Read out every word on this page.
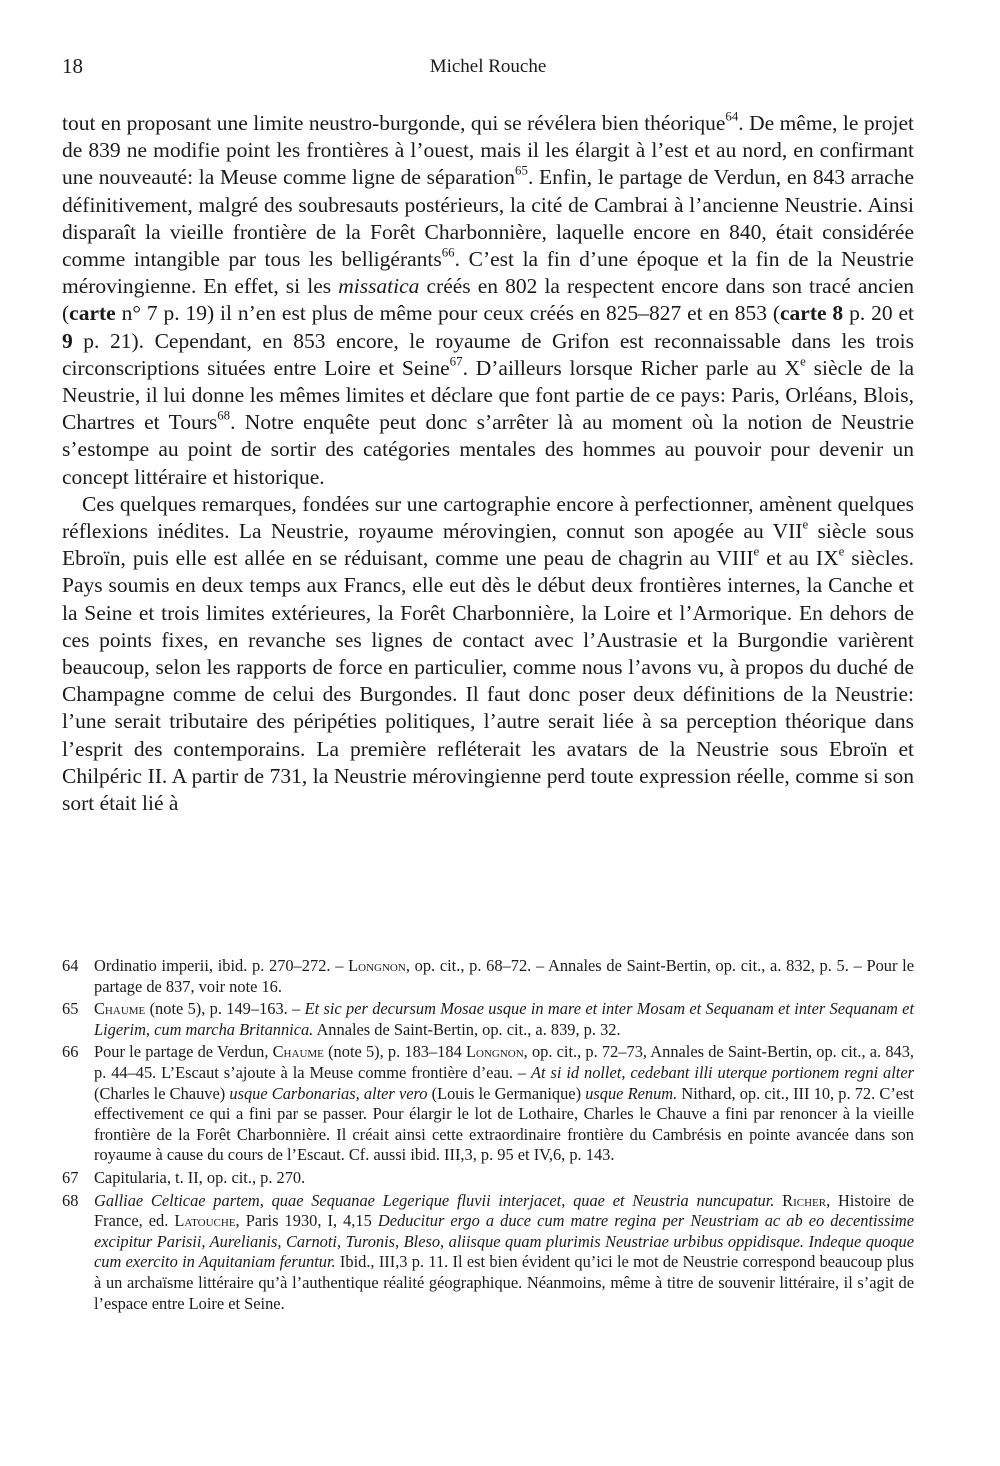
18	Michel Rouche

tout en proposant une limite neustro-burgonde, qui se révélera bien théorique$^{64}$. De même, le projet de 839 ne modifie point les frontières à l’ouest, mais il les élargit à l’est et au nord, en confirmant une nouveauté: la Meuse comme ligne de séparation$^{65}$. Enfin, le partage de Verdun, en 843 arrache définitivement, malgré des soubresauts postérieurs, la cité de Cambrai à l’ancienne Neustrie. Ainsi disparaît la vieille frontière de la Forêt Charbonnière, laquelle encore en 840, était considérée comme intangible par tous les belligérants$^{66}$. C’est la fin d’une époque et la fin de la Neustrie mérovingienne. En effet, si les missatica créés en 802 la respectent encore dans son tracé ancien (carte n° 7 p. 19) il n’en est plus de même pour ceux créés en 825–827 et en 853 (carte 8 p. 20 et 9 p. 21). Cependant, en 853 encore, le royaume de Grifon est reconnaissable dans les trois circonscriptions situées entre Loire et Seine$^{67}$. D’ailleurs lorsque Richer parle au Xe siècle de la Neustrie, il lui donne les mêmes limites et déclare que font partie de ce pays: Paris, Orléans, Blois, Chartres et Tours$^{68}$. Notre enquête peut donc s’arrêter là au moment où la notion de Neustrie s’estompe au point de sortir des catégories mentales des hommes au pouvoir pour devenir un concept littéraire et historique.

Ces quelques remarques, fondées sur une cartographie encore à perfectionner, amènent quelques réflexions inédites. La Neustrie, royaume mérovingien, connut son apogée au VIIe siècle sous Ebroïn, puis elle est allée en se réduisant, comme une peau de chagrin au VIIIe et au IXe siècles. Pays soumis en deux temps aux Francs, elle eut dès le début deux frontières internes, la Canche et la Seine et trois limites extérieures, la Forêt Charbonnière, la Loire et l’Armorique. En dehors de ces points fixes, en revanche ses lignes de contact avec l’Austrasie et la Burgondie varièrent beaucoup, selon les rapports de force en particulier, comme nous l’avons vu, à propos du duché de Champagne comme de celui des Burgondes. Il faut donc poser deux définitions de la Neustrie: l’une serait tributaire des péripéties politiques, l’autre serait liée à sa perception théorique dans l’esprit des contemporains. La première refléterait les avatars de la Neustrie sous Ebroïn et Chilpéric II. A partir de 731, la Neustrie mérovingienne perd toute expression réelle, comme si son sort était lié à

64 Ordinatio imperii, ibid. p. 270–272. – Longnon, op. cit., p. 68–72. – Annales de Saint-Bertin, op. cit., a. 832, p. 5. – Pour le partage de 837, voir note 16.
65 Chaume (note 5), p. 149–163. – Et sic per decursum Mosae usque in mare et inter Mosam et Sequanam et inter Sequanam et Ligerim, cum marcha Britannica. Annales de Saint-Bertin, op. cit., a. 839, p. 32.
66 Pour le partage de Verdun, Chaume (note 5), p. 183–184 Longnon, op. cit., p. 72–73, Annales de Saint-Bertin, op. cit., a. 843, p. 44–45. L’Escaut s’ajoute à la Meuse comme frontière d’eau. – At si id nollet, cedebant illi uterque portionem regni alter (Charles le Chauve) usque Carbonarias, alter vero (Louis le Germanique) usque Renum. Nithard, op. cit., III 10, p. 72. C’est effectivement ce qui a fini par se passer. Pour élargir le lot de Lothaire, Charles le Chauve a fini par renoncer à la vieille frontière de la Forêt Charbonnière. Il créait ainsi cette extraordinaire frontière du Cambrésis en pointe avancée dans son royaume à cause du cours de l’Escaut. Cf. aussi ibid. III,3, p. 95 et IV,6, p. 143.
67 Capitularia, t. II, op. cit., p. 270.
68 Galliae Celticae partem, quae Sequanae Legerique fluvii interjacet, quae et Neustria nuncupatur. Richer, Histoire de France, ed. Latouche, Paris 1930, I, 4,15 Deducitur ergo a duce cum matre regina per Neustriam ac ab eo decentissime excipitur Parisii, Aurelianis, Carnoti, Turonis, Bleso, aliisque quam plurimis Neustriae urbibus oppidisque. Indeque quoque cum exercito in Aquitaniam feruntur. Ibid., III,3 p. 11. Il est bien évident qu’ici le mot de Neustrie correspond beaucoup plus à un archaïsme littéraire qu’à l’authentique réalité géographique. Néanmoins, même à titre de souvenir littéraire, il s’agit de l’espace entre Loire et Seine.
